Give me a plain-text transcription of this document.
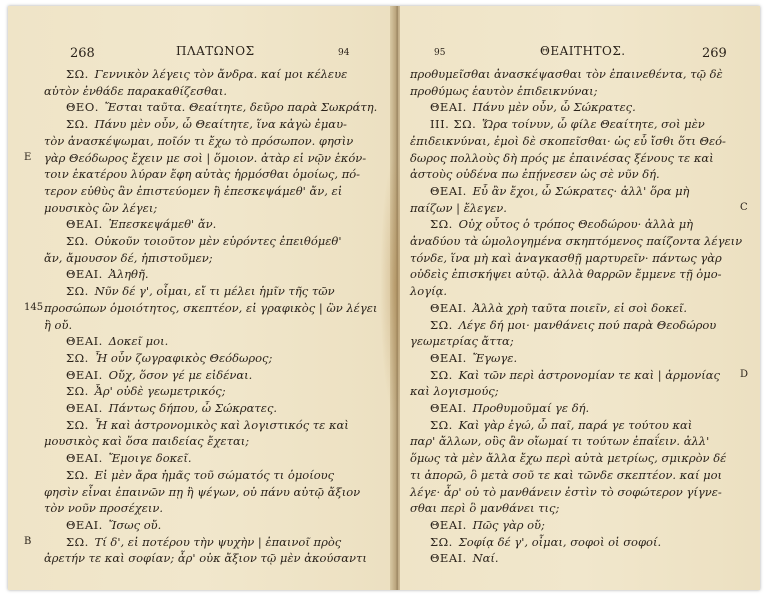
268	ΠΛΑΤΩΝΟΣ	94
ΣΩ.  Γεννικὸν λέγεις τὸν ἄνδρα. καί μοι κέλευε
αὐτὸν ἐνθάδε παρακαθίζεσθαι.
ΘΕΟ.  Ἔσται ταῦτα. Θεαίτητε, δεῦρο παρὰ Σωκράτη.
ΣΩ.  Πάνυ μὲν οὖν, ὦ Θεαίτητε, ἵνα κἀγὼ ἐμαυ-
τὸν ἀνασκέψωμαι, ποῖόν τι ἔχω τὸ πρόσωπον. φησὶν
γὰρ Θεόδωρος ἔχειν με σοὶ | ὅμοιον. ἀτὰρ εἰ νῷν ἑκόν-
τοιν ἑκατέρου λύραν ἔφη αὐτὰς ἡρμόσθαι ὁμοίως, πό-
τερον εὐθὺς ἂν ἐπιστεύομεν ἢ ἐπεσκεψάμεθ' ἄν, εἰ
μουσικὸς ὢν λέγει;
ΘΕΑΙ.  Ἐπεσκεψάμεθ' ἄν.
ΣΩ.  Οὐκοῦν τοιοῦτον μὲν εὑρόντες ἐπειθόμεθ'
ἄν, ἄμουσον δέ, ἠπιστοῦμεν;
ΘΕΑΙ.  Ἀληθῆ.
ΣΩ.  Νῦν δέ γ', οἶμαι, εἴ τι μέλει ἡμῖν τῆς τῶν
προσώπων ὁμοιότητος, σκεπτέον, εἰ γραφικὸς | ὢν λέγει
ἢ οὔ.
ΘΕΑΙ.  Δοκεῖ μοι.
ΣΩ.  Ἦ οὖν ζωγραφικὸς Θεόδωρος;
ΘΕΑΙ.  Οὔχ, ὅσον γέ με εἰδέναι.
ΣΩ.  Ἆρ' οὐδὲ γεωμετρικός;
ΘΕΑΙ.  Πάντως δήπου, ὦ Σώκρατες.
ΣΩ.  Ἦ καὶ ἀστρονομικὸς καὶ λογιστικός τε καὶ
μουσικὸς καὶ ὅσα παιδείας ἔχεται;
ΘΕΑΙ.  Ἔμοιγε δοκεῖ.
ΣΩ.  Εἰ μὲν ἄρα ἡμᾶς τοῦ σώματός τι ὁμοίους
φησὶν εἶναι ἐπαινῶν πῃ ἢ ψέγων, οὐ πάνυ αὐτῷ ἄξιον
τὸν νοῦν προσέχειν.
ΘΕΑΙ.  Ἴσως οὔ.
ΣΩ.  Τί δ', εἰ ποτέρου τὴν ψυχὴν | ἐπαινοῖ πρὸς
ἀρετήν τε καὶ σοφίαν; ἆρ' οὐκ ἄξιον τῷ μὲν ἀκούσαντι
E
145
B
95	ΘΕΑΙΤΗΤΟΣ.	269
προθυμεῖσθαι ἀνασκέψασθαι τὸν ἐπαινεθέντα, τῷ δὲ
προθύμως ἑαυτὸν ἐπιδεικνύναι;
ΘΕΑΙ.  Πάνυ μὲν οὖν, ὦ Σώκρατες.
ΙΙΙ. ΣΩ.  Ὥρα τοίνυν, ὦ φίλε Θεαίτητε, σοὶ μὲν
ἐπιδεικνύναι, ἐμοὶ δὲ σκοπεῖσθαι· ὡς εὖ ἴσθι ὅτι Θεό-
δωρος πολλοὺς δὴ πρός με ἐπαινέσας ξένους τε καὶ
ἀστοὺς οὐδένα πω ἐπῄνεσεν ὡς σὲ νῦν δή.
ΘΕΑΙ.  Εὖ ἂν ἔχοι, ὦ Σώκρατες· ἀλλ' ὅρα μὴ
παίζων | ἔλεγεν.
ΣΩ.  Οὐχ οὗτος ὁ τρόπος Θεοδώρου· ἀλλὰ μὴ
ἀναδύου τὰ ὡμολογημένα σκηπτόμενος παίζοντα λέγειν
τόνδε, ἵνα μὴ καὶ ἀναγκασθῇ μαρτυρεῖν· πάντως γὰρ
οὐδεὶς ἐπισκήψει αὐτῷ. ἀλλὰ θαρρῶν ἔμμενε τῇ ὁμο-
λογίᾳ.
ΘΕΑΙ.  Ἀλλὰ χρὴ ταῦτα ποιεῖν, εἰ σοὶ δοκεῖ.
ΣΩ.  Λέγε δή μοι· μανθάνεις πού παρὰ Θεοδώρου
γεωμετρίας ἄττα;
ΘΕΑΙ.  Ἔγωγε.
ΣΩ.  Καὶ τῶν περὶ ἀστρονομίαν τε καὶ | ἁρμονίας
καὶ λογισμούς;
ΘΕΑΙ.  Προθυμοῦμαί γε δή.
ΣΩ.  Καὶ γὰρ ἐγώ, ὦ παῖ, παρά γε τούτου καὶ
παρ' ἄλλων, οὓς ἂν οἴωμαί τι τούτων ἐπαΐειν. ἀλλ'
ὅμως τὰ μὲν ἄλλα ἔχω περὶ αὐτὰ μετρίως, σμικρὸν δέ
τι ἀπορῶ, ὃ μετὰ σοῦ τε καὶ τῶνδε σκεπτέον. καί μοι
λέγε· ἆρ' οὐ τὸ μανθάνειν ἐστὶν τὸ σοφώτερον γίγνε-
σθαι περὶ ὃ μανθάνει τις;
ΘΕΑΙ.  Πῶς γὰρ οὔ;
ΣΩ.  Σοφίᾳ δέ γ', οἶμαι, σοφοὶ οἱ σοφοί.
ΘΕΑΙ.  Ναί.
C
D
